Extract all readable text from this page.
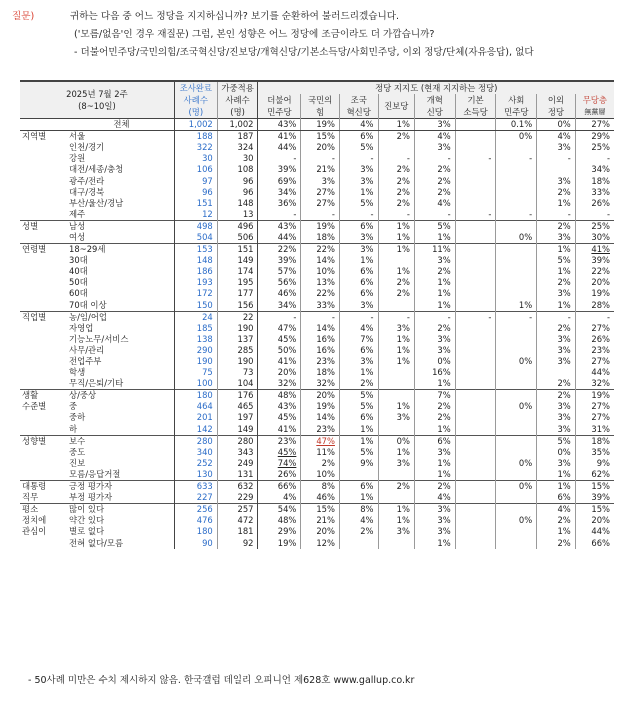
질문)	귀하는 다음 중 어느 정당을 지지하십니까? 보기를 순환하여 불러드리겠습니다.
('모름/없음'인 경우 재질문) 그럼, 본인 성향은 어느 정당에 조금이라도 더 가깝습니까?
- 더불어민주당/국민의힘/조국혁신당/진보당/개혁신당/기본소득당/사회민주당, 이외 정당/단체(자유응답), 없다
2025년 7월 2주
(8~10일)		조사완료	가중적용	정당 지지도 (현재 지지하는 정당)								
		사례수	사례수	더불어	국민의	조국	진보당	개혁	기본	사회	이외	무당층
		(명)	(명)	민주당	힘	혁신당		신당	소득당	민주당	정당	無黨層
	전체	1,002	1,002	43%	19%	4%	1%	3%		0.1%	0%	27%
지역별	서울	188	187	41%	15%	6%	2%	4%		0%	4%	29%
	인천/경기	322	324	44%	20%	5%		3%			3%	25%
	강원	30	30	-	-	-	-	-	-	-	-	-
	대전/세종/충청	106	108	39%	21%	3%	2%	2%				34%
	광주/전라	97	96	69%	3%	3%	2%	2%			3%	18%
	대구/경북	96	96	34%	27%	1%	2%	2%			2%	33%
	부산/울산/경남	151	148	36%	27%	5%	2%	4%			1%	26%
	제주	12	13	-	-	-	-	-	-	-	-	-
성별	남성	498	496	43%	19%	6%	1%	5%			2%	25%
	여성	504	506	44%	18%	3%	1%	1%		0%	3%	30%
연령별	18~29세	153	151	22%	22%	3%	1%	11%			1%	41%
	30대	148	149	39%	14%	1%		3%			5%	39%
	40대	186	174	57%	10%	6%	1%	2%			1%	22%
	50대	193	195	56%	13%	6%	2%	1%			2%	20%
	60대	172	177	46%	22%	6%	2%	1%			3%	19%
	70대 이상	150	156	34%	33%	3%		1%		1%	1%	28%
직업별	농/임/어업	24	22	-	-	-	-	-	-	-	-	-
	자영업	185	190	47%	14%	4%	3%	2%			2%	27%
	기능노무/서비스	138	137	45%	16%	7%	1%	3%			3%	26%
	사무/관리	290	285	50%	16%	6%	1%	3%			3%	23%
	전업주부	190	190	41%	23%	3%	1%	0%		0%	3%	27%
	학생	75	73	20%	18%	1%		16%				44%
	무직/은퇴/기타	100	104	32%	32%	2%		1%			2%	32%
생활	상/중상	180	176	48%	20%	5%		7%			2%	19%
수준별	중	464	465	43%	19%	5%	1%	2%		0%	3%	27%
	중하	201	197	45%	14%	6%	3%	2%			3%	27%
	하	142	149	41%	23%	1%		1%			3%	31%
성향별	보수	280	280	23%	47%	1%	0%	6%			5%	18%
	중도	340	343	45%	11%	5%	1%	3%			0%	35%
	진보	252	249	74%	2%	9%	3%	1%		0%	3%	9%
	모름/응답거절	130	131	26%	10%			1%			1%	62%
대통령	긍정 평가자	633	632	66%	8%	6%	2%	2%		0%	1%	15%
직무	부정 평가자	227	229	4%	46%	1%		4%			6%	39%
평소	많이 있다	256	257	54%	15%	8%	1%	3%			4%	15%
정치에	약간 있다	476	472	48%	21%	4%	1%	3%		0%	2%	20%
관심이	별로 없다	180	181	29%	20%	2%	3%	3%			1%	44%
	전혀 없다/모름	90	92	19%	12%			1%			2%	66%
- 50사례 미만은 수치 제시하지 않음. 한국갤럽 데일리 오피니언 제628호 www.gallup.co.kr
